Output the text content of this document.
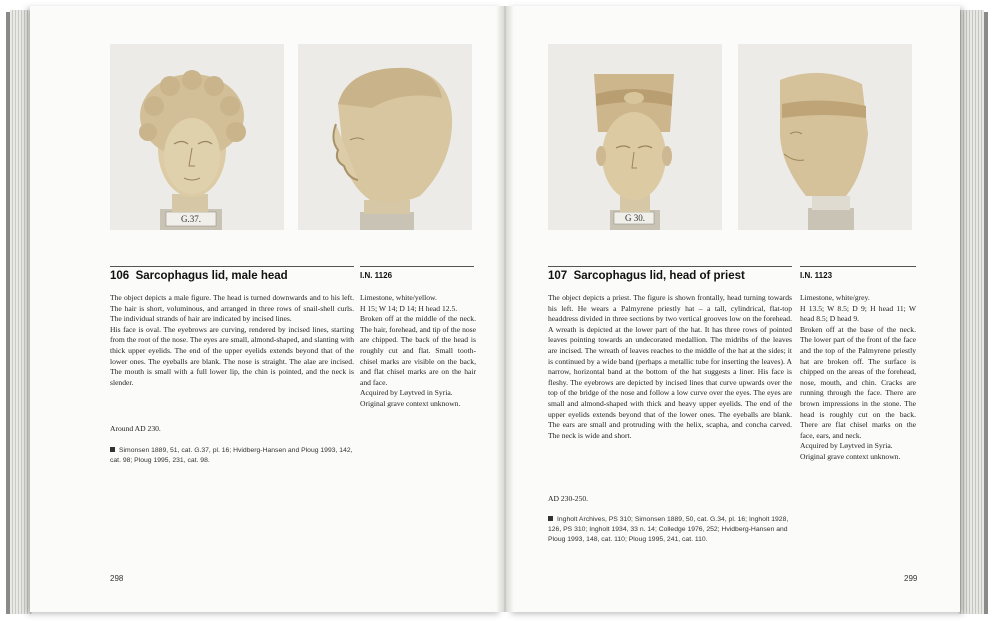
G.37.
106 Sarcophagus lid, male head	I.N. 1126

The object depicts a male figure. The head is turned downwards and to his left. The hair is short, voluminous, and arranged in three rows of snail-shell curls. The individual strands of hair are indicated by incised lines.

His face is oval. The eyebrows are curving, rendered by incised lines, starting from the root of the nose. The eyes are small, almond-shaped, and slanting with thick upper eyelids. The end of the upper eyelids extends beyond that of the lower ones. The eyeballs are blank. The nose is straight. The alae are incised. The mouth is small with a full lower lip, the chin is pointed, and the neck is slender.

Around AD 230.
Simonsen 1889, 51, cat. G.37, pl. 16; Hvidberg-Hansen and Ploug 1993, 142, cat. 98; Ploug 1995, 231, cat. 98.

Limestone, white/yellow.

H 15; W 14; D 14; H head 12.5.

Broken off at the middle of the neck. The hair, forehead, and tip of the nose are chipped. The back of the head is roughly cut and flat. Small tooth-chisel marks are visible on the back, and flat chisel marks are on the hair and face.

Acquired by Løytved in Syria.

Original grave context unknown.

298
G 30.
107 Sarcophagus lid, head of priest	I.N. 1123

The object depicts a priest. The figure is shown frontally, head turning towards his left. He wears a Palmyrene priestly hat – a tall, cylindrical, flat-top headdress divided in three sections by two vertical grooves low on the forehead. A wreath is depicted at the lower part of the hat. It has three rows of pointed leaves pointing towards an undecorated medallion. The midribs of the leaves are incised. The wreath of leaves reaches to the middle of the hat at the sides; it is continued by a wide band (perhaps a metallic tube for inserting the leaves). A narrow, horizontal band at the bottom of the hat suggests a liner. His face is fleshy. The eyebrows are depicted by incised lines that curve upwards over the top of the bridge of the nose and follow a low curve over the eyes. The eyes are small and almond-shaped with thick and heavy upper eyelids. The end of the upper eyelids extends beyond that of the lower ones. The eyeballs are blank. The ears are small and protruding with the helix, scapha, and concha carved. The neck is wide and short.

AD 230-250.
Ingholt Archives, PS 310; Simonsen 1889, 50, cat. G.34, pl. 16; Ingholt 1928, 126, PS 310; Ingholt 1934, 33 n. 14; Colledge 1976, 252; Hvidberg-Hansen and Ploug 1993, 148, cat. 110; Ploug 1995, 241, cat. 110.

Limestone, white/grey.

H 13.5; W 8.5; D 9; H head 11; W head 8.5; D head 9.

Broken off at the base of the neck. The lower part of the front of the face and the top of the Palmyrene priestly hat are broken off. The surface is chipped on the areas of the forehead, nose, mouth, and chin. Cracks are running through the face. There are brown impressions in the stone. The head is roughly cut on the back. There are flat chisel marks on the face, ears, and neck.

Acquired by Løytved in Syria.

Original grave context unknown.

299
